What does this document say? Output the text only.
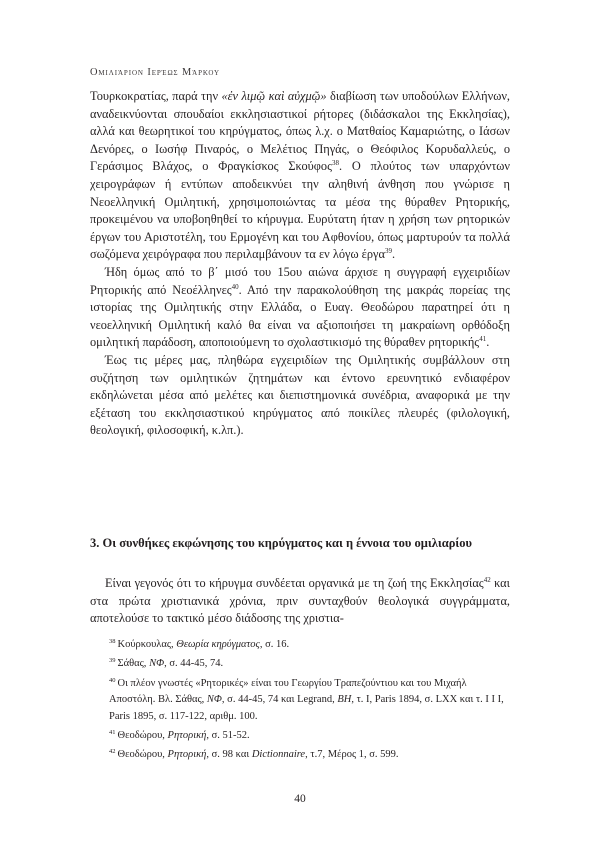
Ομιλιάριον Ιερέως Μάρκου

Τουρκοκρατίας, παρά την «ἐν λιμῷ καὶ αὐχμῷ» διαβίωση των υποδούλων Ελλήνων, αναδεικνύονται σπουδαίοι εκκλησιαστικοί ρήτορες (διδάσκαλοι της Εκκλησίας), αλλά και θεωρητικοί του κηρύγματος, όπως λ.χ. ο Ματθαίος Καμαριώτης, ο Ιάσων Δενόρες, ο Ιωσήφ Πιναρός, ο Μελέτιος Πηγάς, ο Θεόφιλος Κορυδαλλεύς, ο Γεράσιμος Βλάχος, ο Φραγκίσκος Σκούφος$^{38}$. Ο πλούτος των υπαρχόντων χειρογράφων ή εντύπων αποδεικνύει την αληθινή άνθηση που γνώρισε η Νεοελληνική Ομιλητική, χρησιμοποιώντας τα μέσα της θύραθεν Ρητορικής, προκειμένου να υποβοηθηθεί το κήρυγμα. Ευρύτατη ήταν η χρήση των ρητορικών έργων του Αριστοτέλη, του Ερμογένη και του Αφθονίου, όπως μαρτυρούν τα πολλά σωζόμενα χειρόγραφα που περιλαμβάνουν τα εν λόγω έργα$^{39}$.

Ήδη όμως από το β΄ μισό του 15ου αιώνα άρχισε η συγγραφή εγχειριδίων Ρητορικής από Νεοέλληνες$^{40}$. Από την παρακολούθηση της μακράς πορείας της ιστορίας της Ομιλητικής στην Ελλάδα, ο Ευαγ. Θεοδώρου παρατηρεί ότι η νεοελληνική Ομιλητική καλό θα είναι να αξιοποιήσει τη μακραίωνη ορθόδοξη ομιλητική παράδοση, αποποιούμενη το σχολαστικισμό της θύραθεν ρητορικής$^{41}$.

Έως τις μέρες μας, πληθώρα εγχειριδίων της Ομιλητικής συμβάλλουν στη συζήτηση των ομιλητικών ζητημάτων και έντονο ερευνητικό ενδιαφέρον εκδηλώνεται μέσα από μελέτες και διεπιστημονικά συνέδρια, αναφορικά με την εξέταση του εκκλησιαστικού κηρύγματος από ποικίλες πλευρές (φιλολογική, θεολογική, φιλοσοφική, κ.λπ.).

3. Οι συνθήκες εκφώνησης του κηρύγματος και η έννοια του ομιλιαρίου

Είναι γεγονός ότι το κήρυγμα συνδέεται οργανικά με τη ζωή της Εκκλησίας$^{42}$ και στα πρώτα χριστιανικά χρόνια, πριν συνταχθούν θεολογικά συγγράμματα, αποτελούσε το τακτικό μέσο διάδοσης της χριστια-

$^{38}$ Κούρκουλας, Θεωρία κηρύγματος, σ. 16.

$^{39}$ Σάθας, ΝΦ, σ. 44-45, 74.

$^{40}$ Οι πλέον γνωστές «Ρητορικές» είναι του Γεωργίου Τραπεζούντιου και του Μιχαήλ Αποστόλη. Βλ. Σάθας, ΝΦ, σ. 44-45, 74 και Legrand, BH, τ. I, Paris 1894, σ. LXX και τ. I I I, Paris 1895, σ. 117-122, αριθμ. 100.

$^{41}$ Θεοδώρου, Ρητορική, σ. 51-52.

$^{42}$ Θεοδώρου, Ρητορική, σ. 98 και Dictionnaire, τ.7, Μέρος 1, σ. 599.

40
